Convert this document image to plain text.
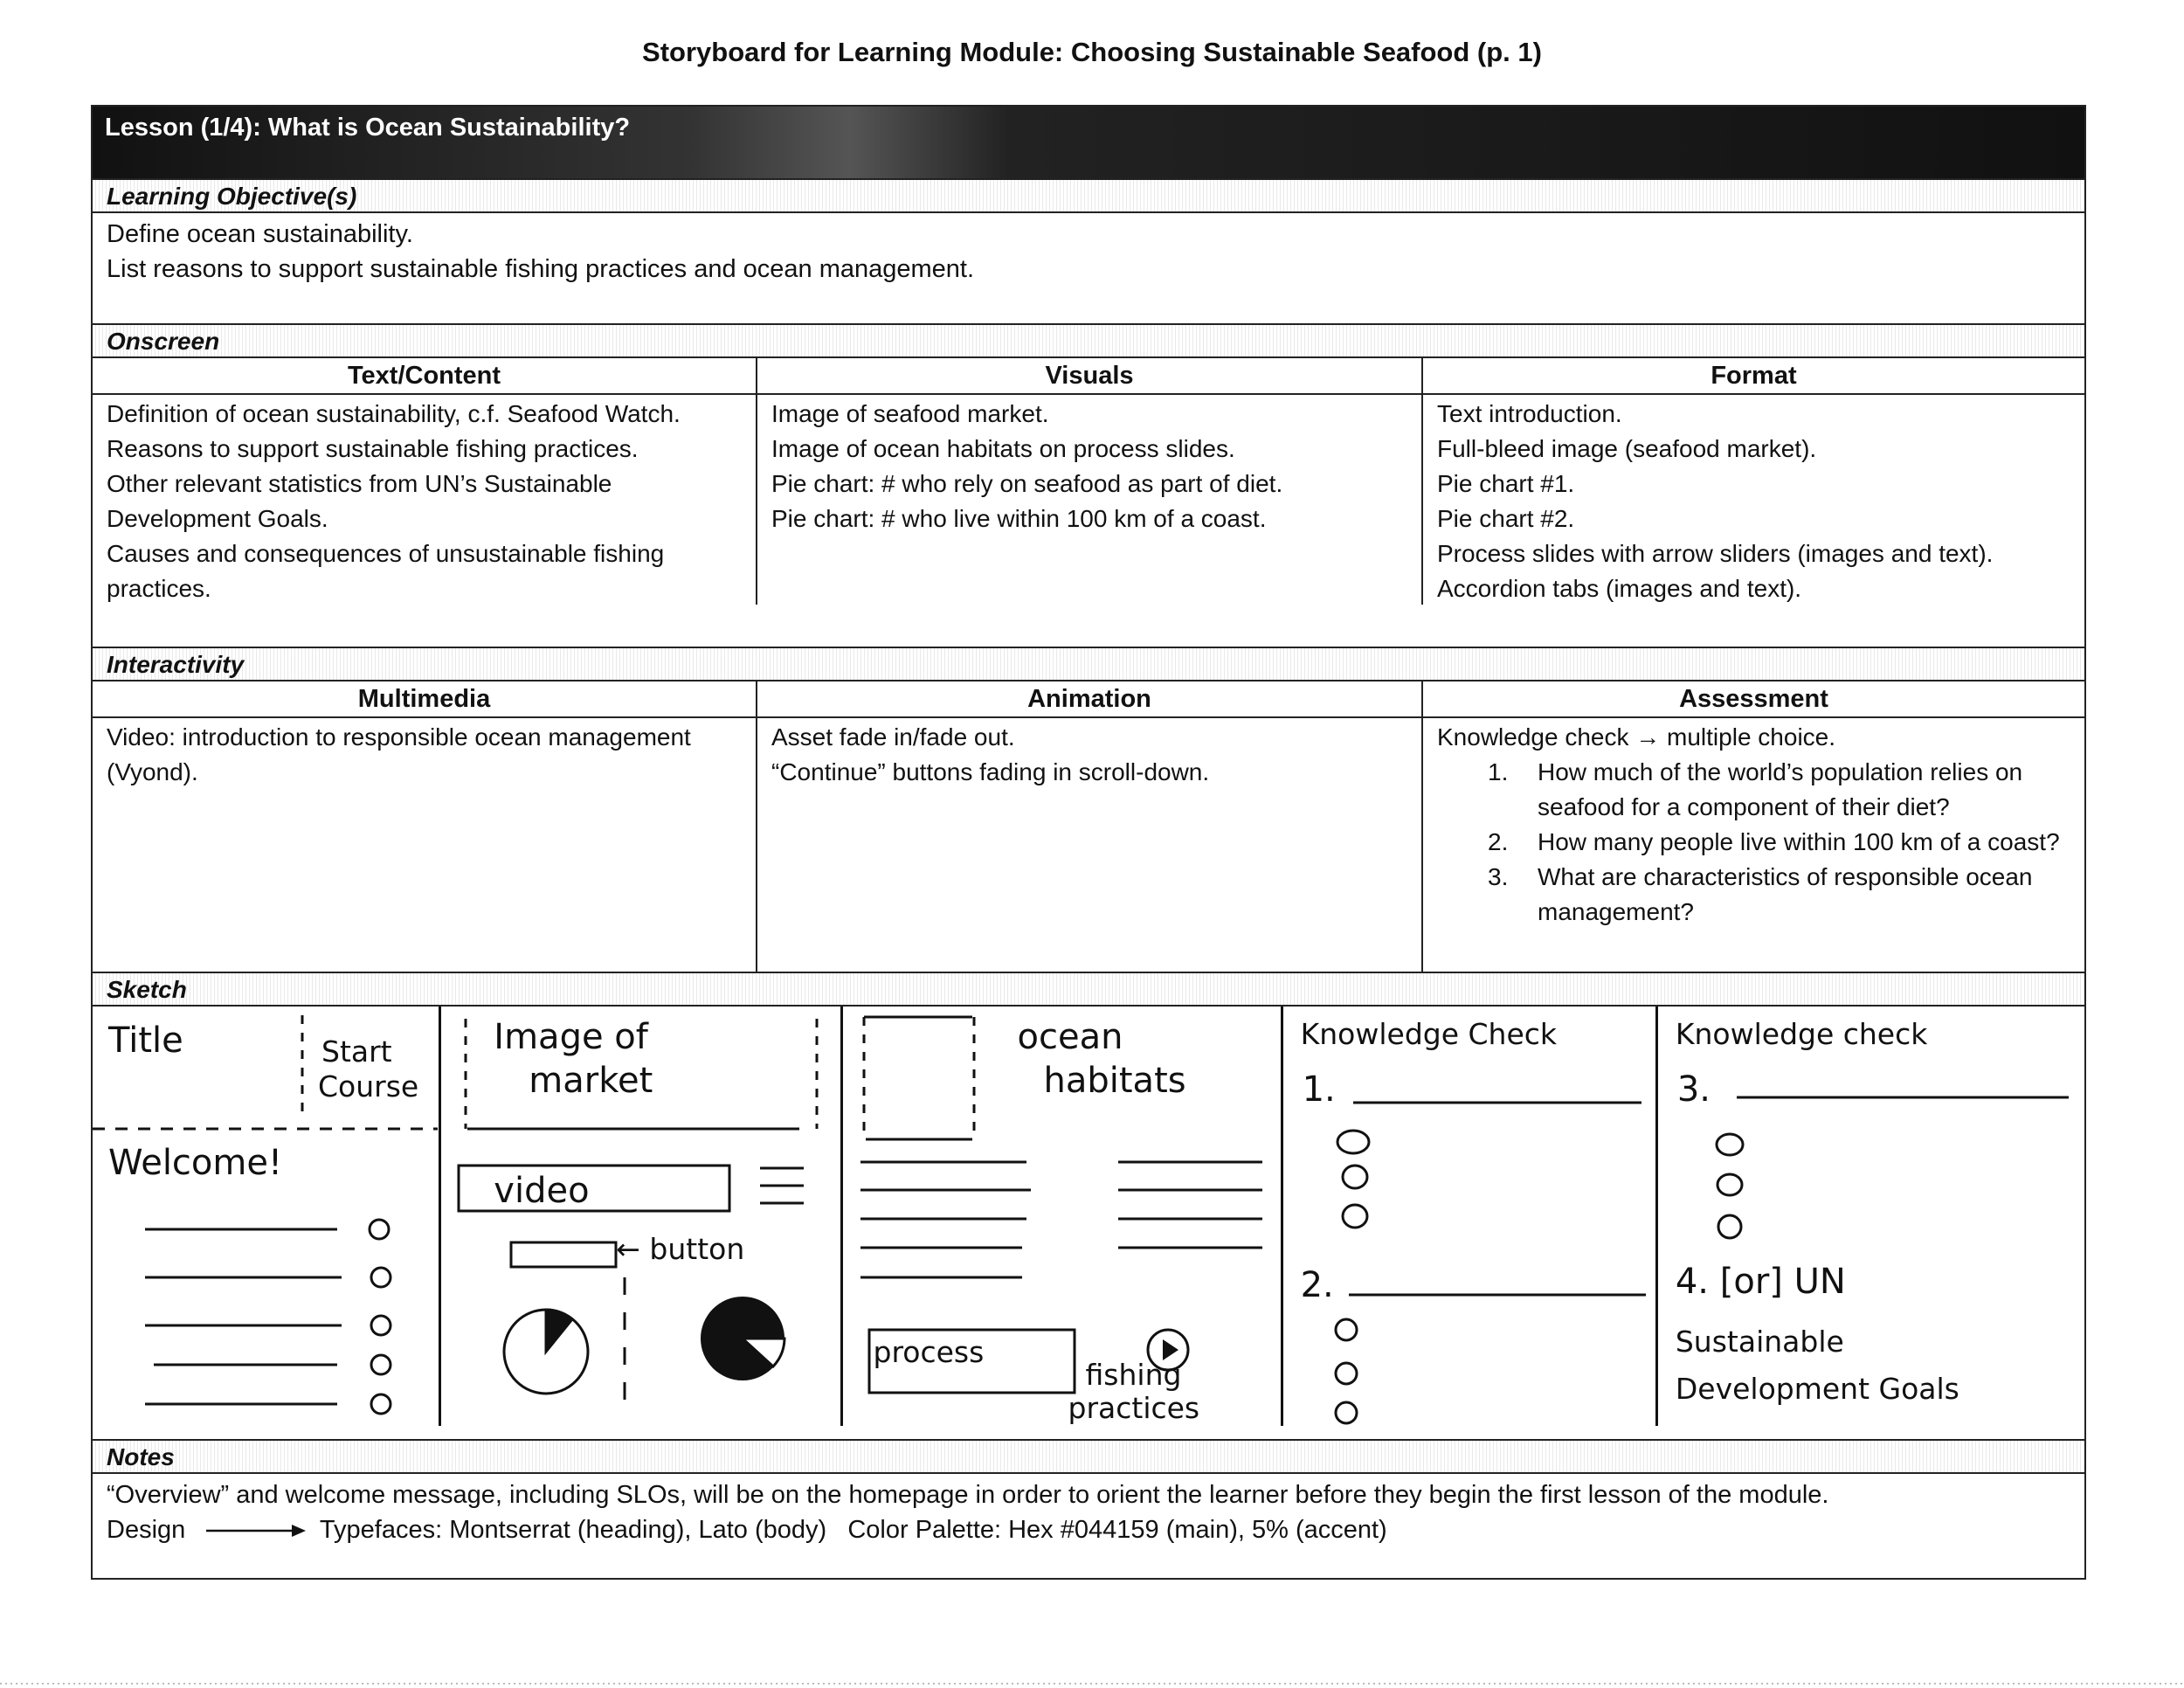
Storyboard for Learning Module: Choosing Sustainable Seafood (p. 1)
Lesson (1/4): What is Ocean Sustainability?
Learning Objective(s)
Define ocean sustainability.
List reasons to support sustainable fishing practices and ocean management.
Onscreen
Text/Content
Definition of ocean sustainability, c.f. Seafood Watch.
Reasons to support sustainable fishing practices.
Other relevant statistics from UN’s Sustainable Development Goals.
Causes and consequences of unsustainable fishing practices.
Visuals
Image of seafood market.
Image of ocean habitats on process slides.
Pie chart: # who rely on seafood as part of diet.
Pie chart: # who live within 100 km of a coast.
Format
Text introduction.
Full-bleed image (seafood market).
Pie chart #1.
Pie chart #2.
Process slides with arrow sliders (images and text).
Accordion tabs (images and text).
Interactivity
Multimedia
Video: introduction to responsible ocean management (Vyond).
Animation
Asset fade in/fade out.
“Continue” buttons fading in scroll-down.
Assessment
Knowledge check → multiple choice.
1. How much of the world’s population relies on seafood for a component of their diet?
2. How many people live within 100 km of a coast?
3. What are characteristics of responsible ocean management?
Sketch
Title	Start
Course
Welcome!
Image of
market
video
← button
ocean
habitats
process
fishing
practices
Knowledge Check
1.
2.
Knowledge check
3.
4. [or] UN
Sustainable
Development Goals
Notes
“Overview” and welcome message, including SLOs, will be on the homepage in order to orient the learner before they begin the first lesson of the module.
Design	Typefaces: Montserrat (heading), Lato (body)   Color Palette: Hex #044159 (main), 5% (accent)
